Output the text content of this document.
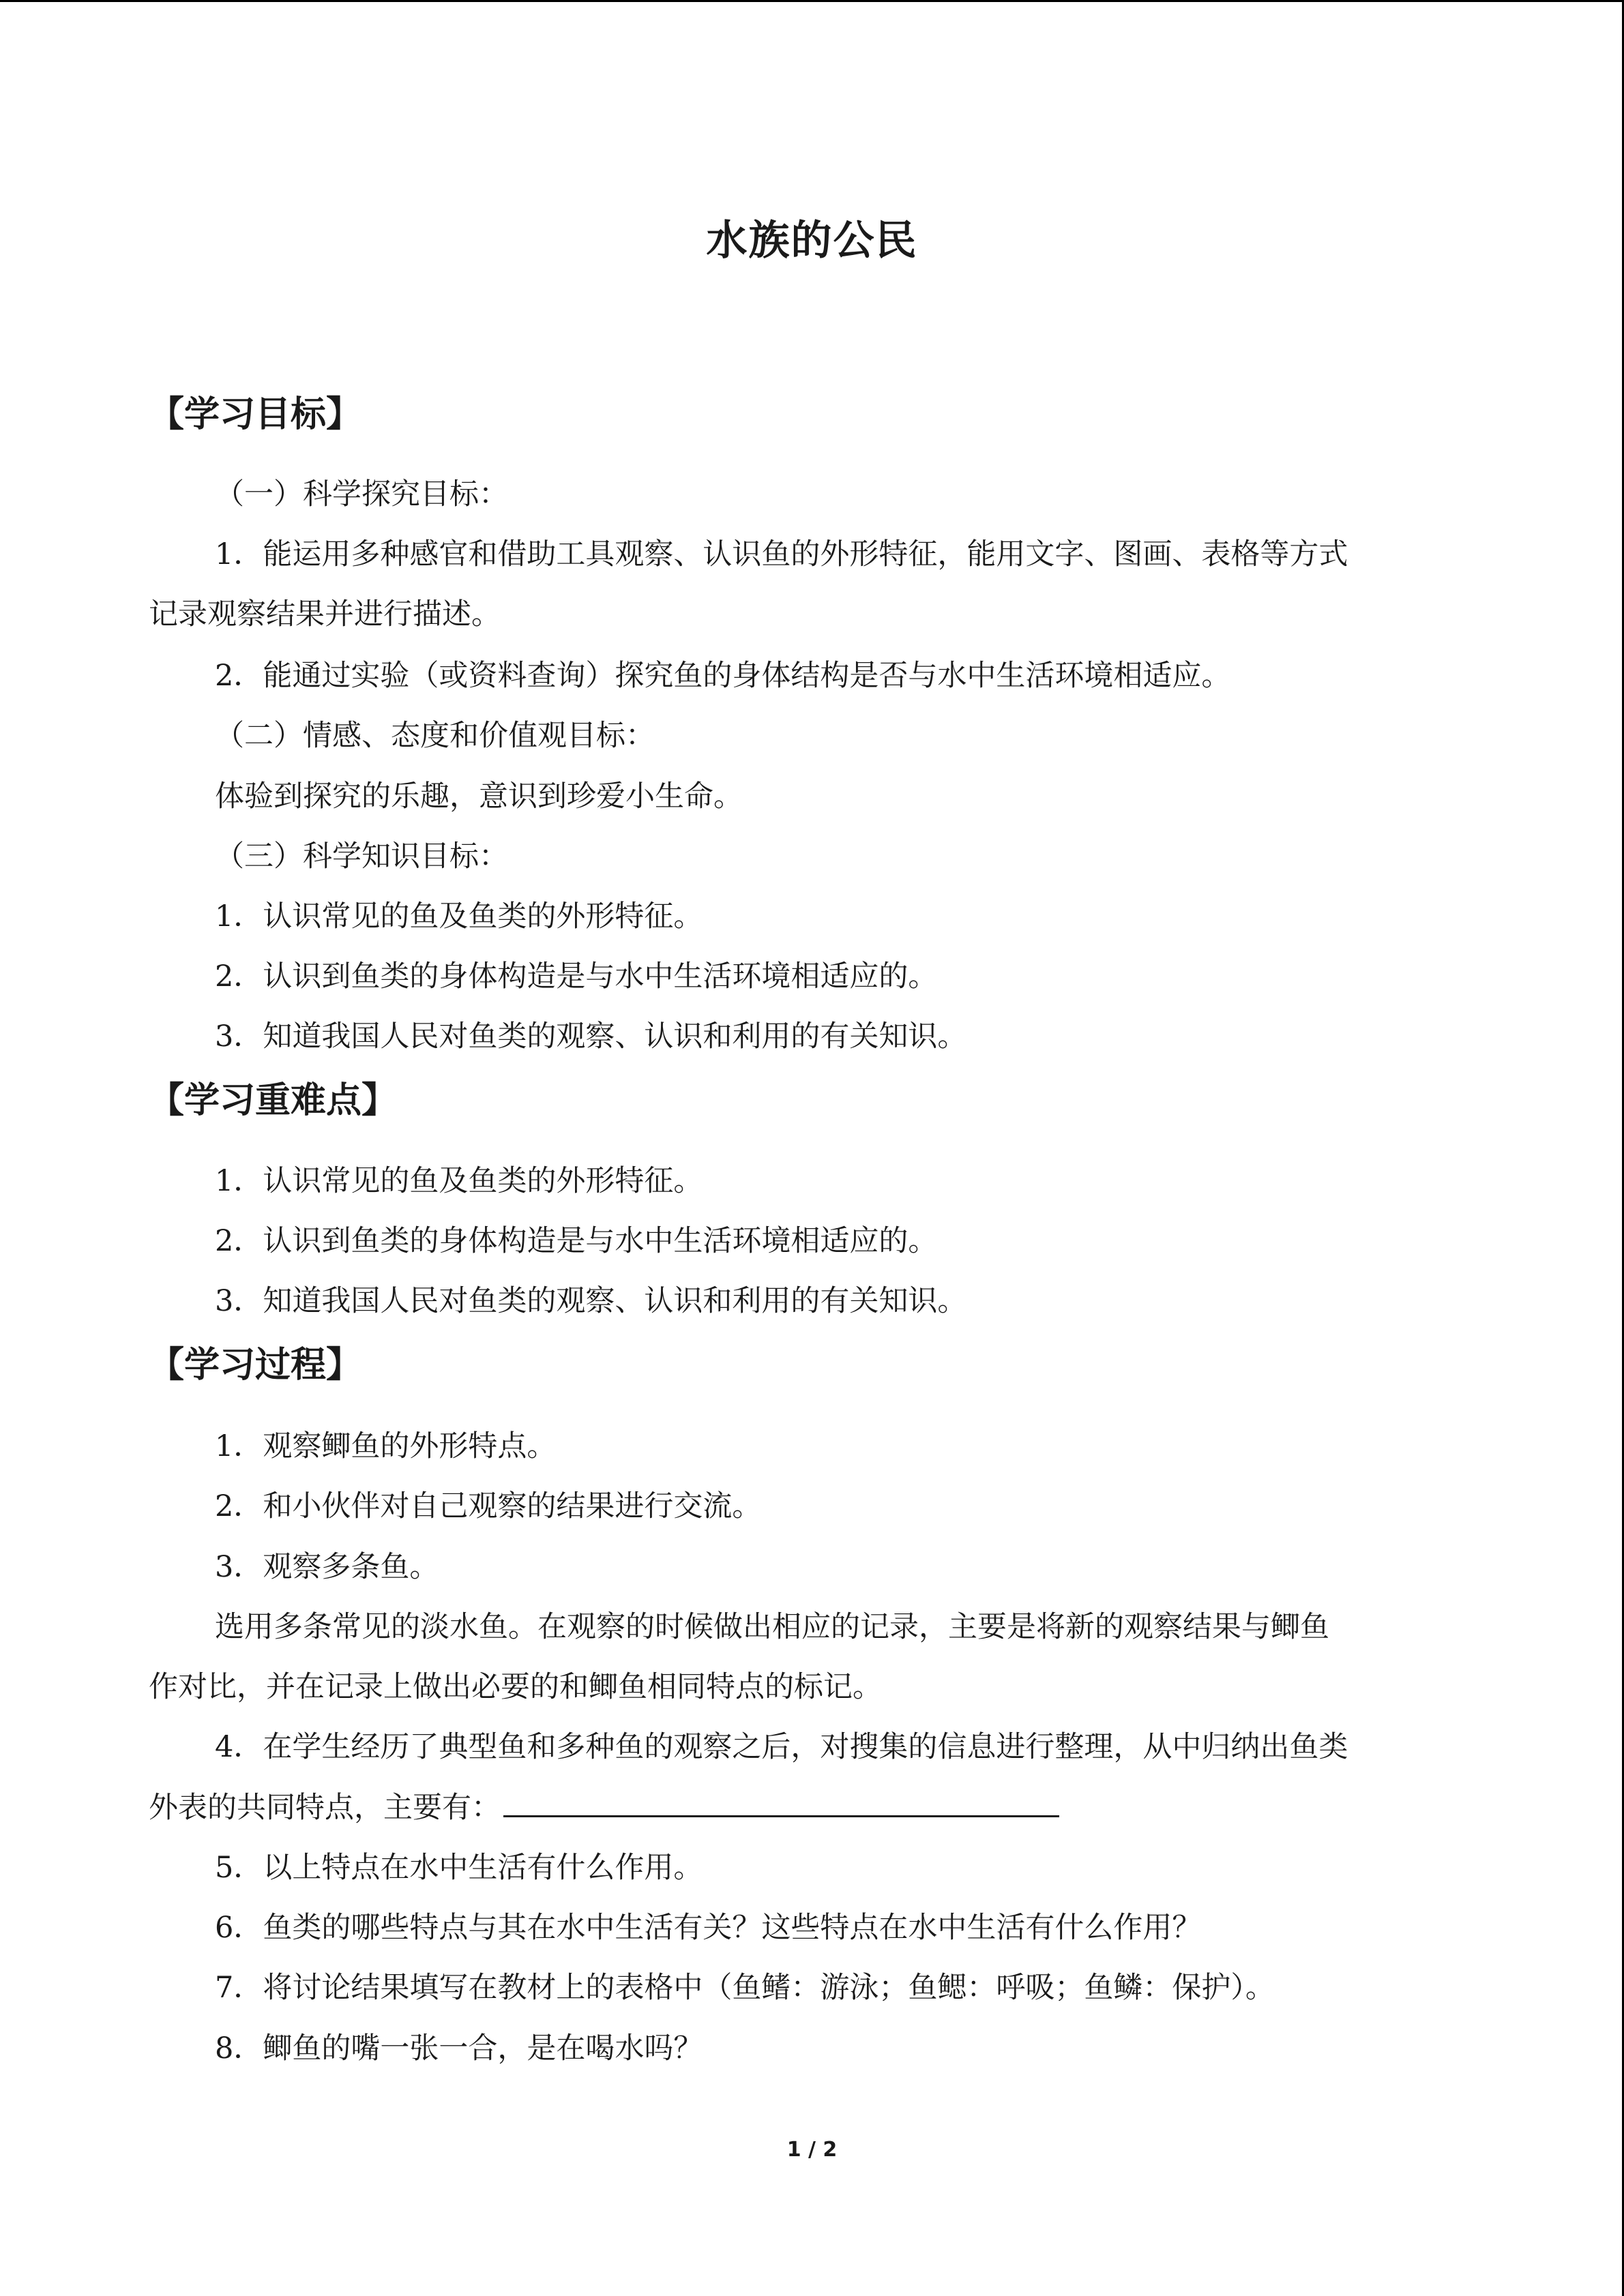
水族的公民
【学习目标】
（一）科学探究目标：
1．能运用多种感官和借助工具观察、认识鱼的外形特征，能用文字、图画、表格等方式
记录观察结果并进行描述。
2．能通过实验（或资料查询）探究鱼的身体结构是否与水中生活环境相适应。
（二）情感、态度和价值观目标：
体验到探究的乐趣，意识到珍爱小生命。
（三）科学知识目标：
1．认识常见的鱼及鱼类的外形特征。
2．认识到鱼类的身体构造是与水中生活环境相适应的。
3．知道我国人民对鱼类的观察、认识和利用的有关知识。
【学习重难点】
1．认识常见的鱼及鱼类的外形特征。
2．认识到鱼类的身体构造是与水中生活环境相适应的。
3．知道我国人民对鱼类的观察、认识和利用的有关知识。
【学习过程】
1．观察鲫鱼的外形特点。
2．和小伙伴对自己观察的结果进行交流。
3．观察多条鱼。
选用多条常见的淡水鱼。在观察的时候做出相应的记录，主要是将新的观察结果与鲫鱼
作对比，并在记录上做出必要的和鲫鱼相同特点的标记。
4．在学生经历了典型鱼和多种鱼的观察之后，对搜集的信息进行整理，从中归纳出鱼类
外表的共同特点，主要有：
5．以上特点在水中生活有什么作用。
6．鱼类的哪些特点与其在水中生活有关？这些特点在水中生活有什么作用？
7．将讨论结果填写在教材上的表格中（鱼鳍：游泳；鱼鳃：呼吸；鱼鳞：保护）。
8．鲫鱼的嘴一张一合，是在喝水吗？
1 / 2
